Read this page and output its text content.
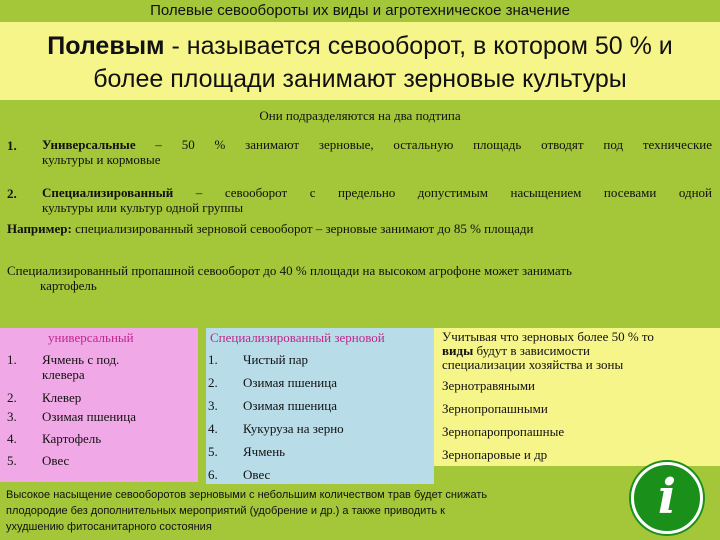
Полевые севообороты их виды и агротехническое значение
Полевым - называется севооборот, в котором 50 % и
более площади занимают зерновые культуры
Они подразделяются на два подтипа
1. Универсальные – 50 % занимают зерновые, остальную площадь отводят под технические
культуры и кормовые
2. Специализированный – севооборот с предельно допустимым насыщением посевами одной
культуры или культур одной группы
Например: специализированный зерновой севооборот – зерновые занимают до 85 % площади
Специализированный пропашной севооборот до 40 % площади на высоком агрофоне может занимать
картофель
универсальный
1.	Ячмень с под. клевера
2.	Клевер
3.	Озимая пшеница
4.	Картофель
5.	Овес
Специализированный зерновой
1.	Чистый пар
2.	Озимая пшеница
3.	Озимая пшеница
4.	Кукуруза на зерно
5.	Ячмень
6.	Овес
Учитывая что зерновых более 50 % то
виды будут в зависимости
специализации хозяйства и зоны
Зернотравяными
Зернопропашными
Зернопаропропашные
Зернопаровые и др
Высокое насыщение севооборотов зерновыми с небольшим количеством трав будет снижать
плодородие без дополнительных мероприятий (удобрение и др.) а также приводить к
ухудшению фитосанитарного состояния
i
